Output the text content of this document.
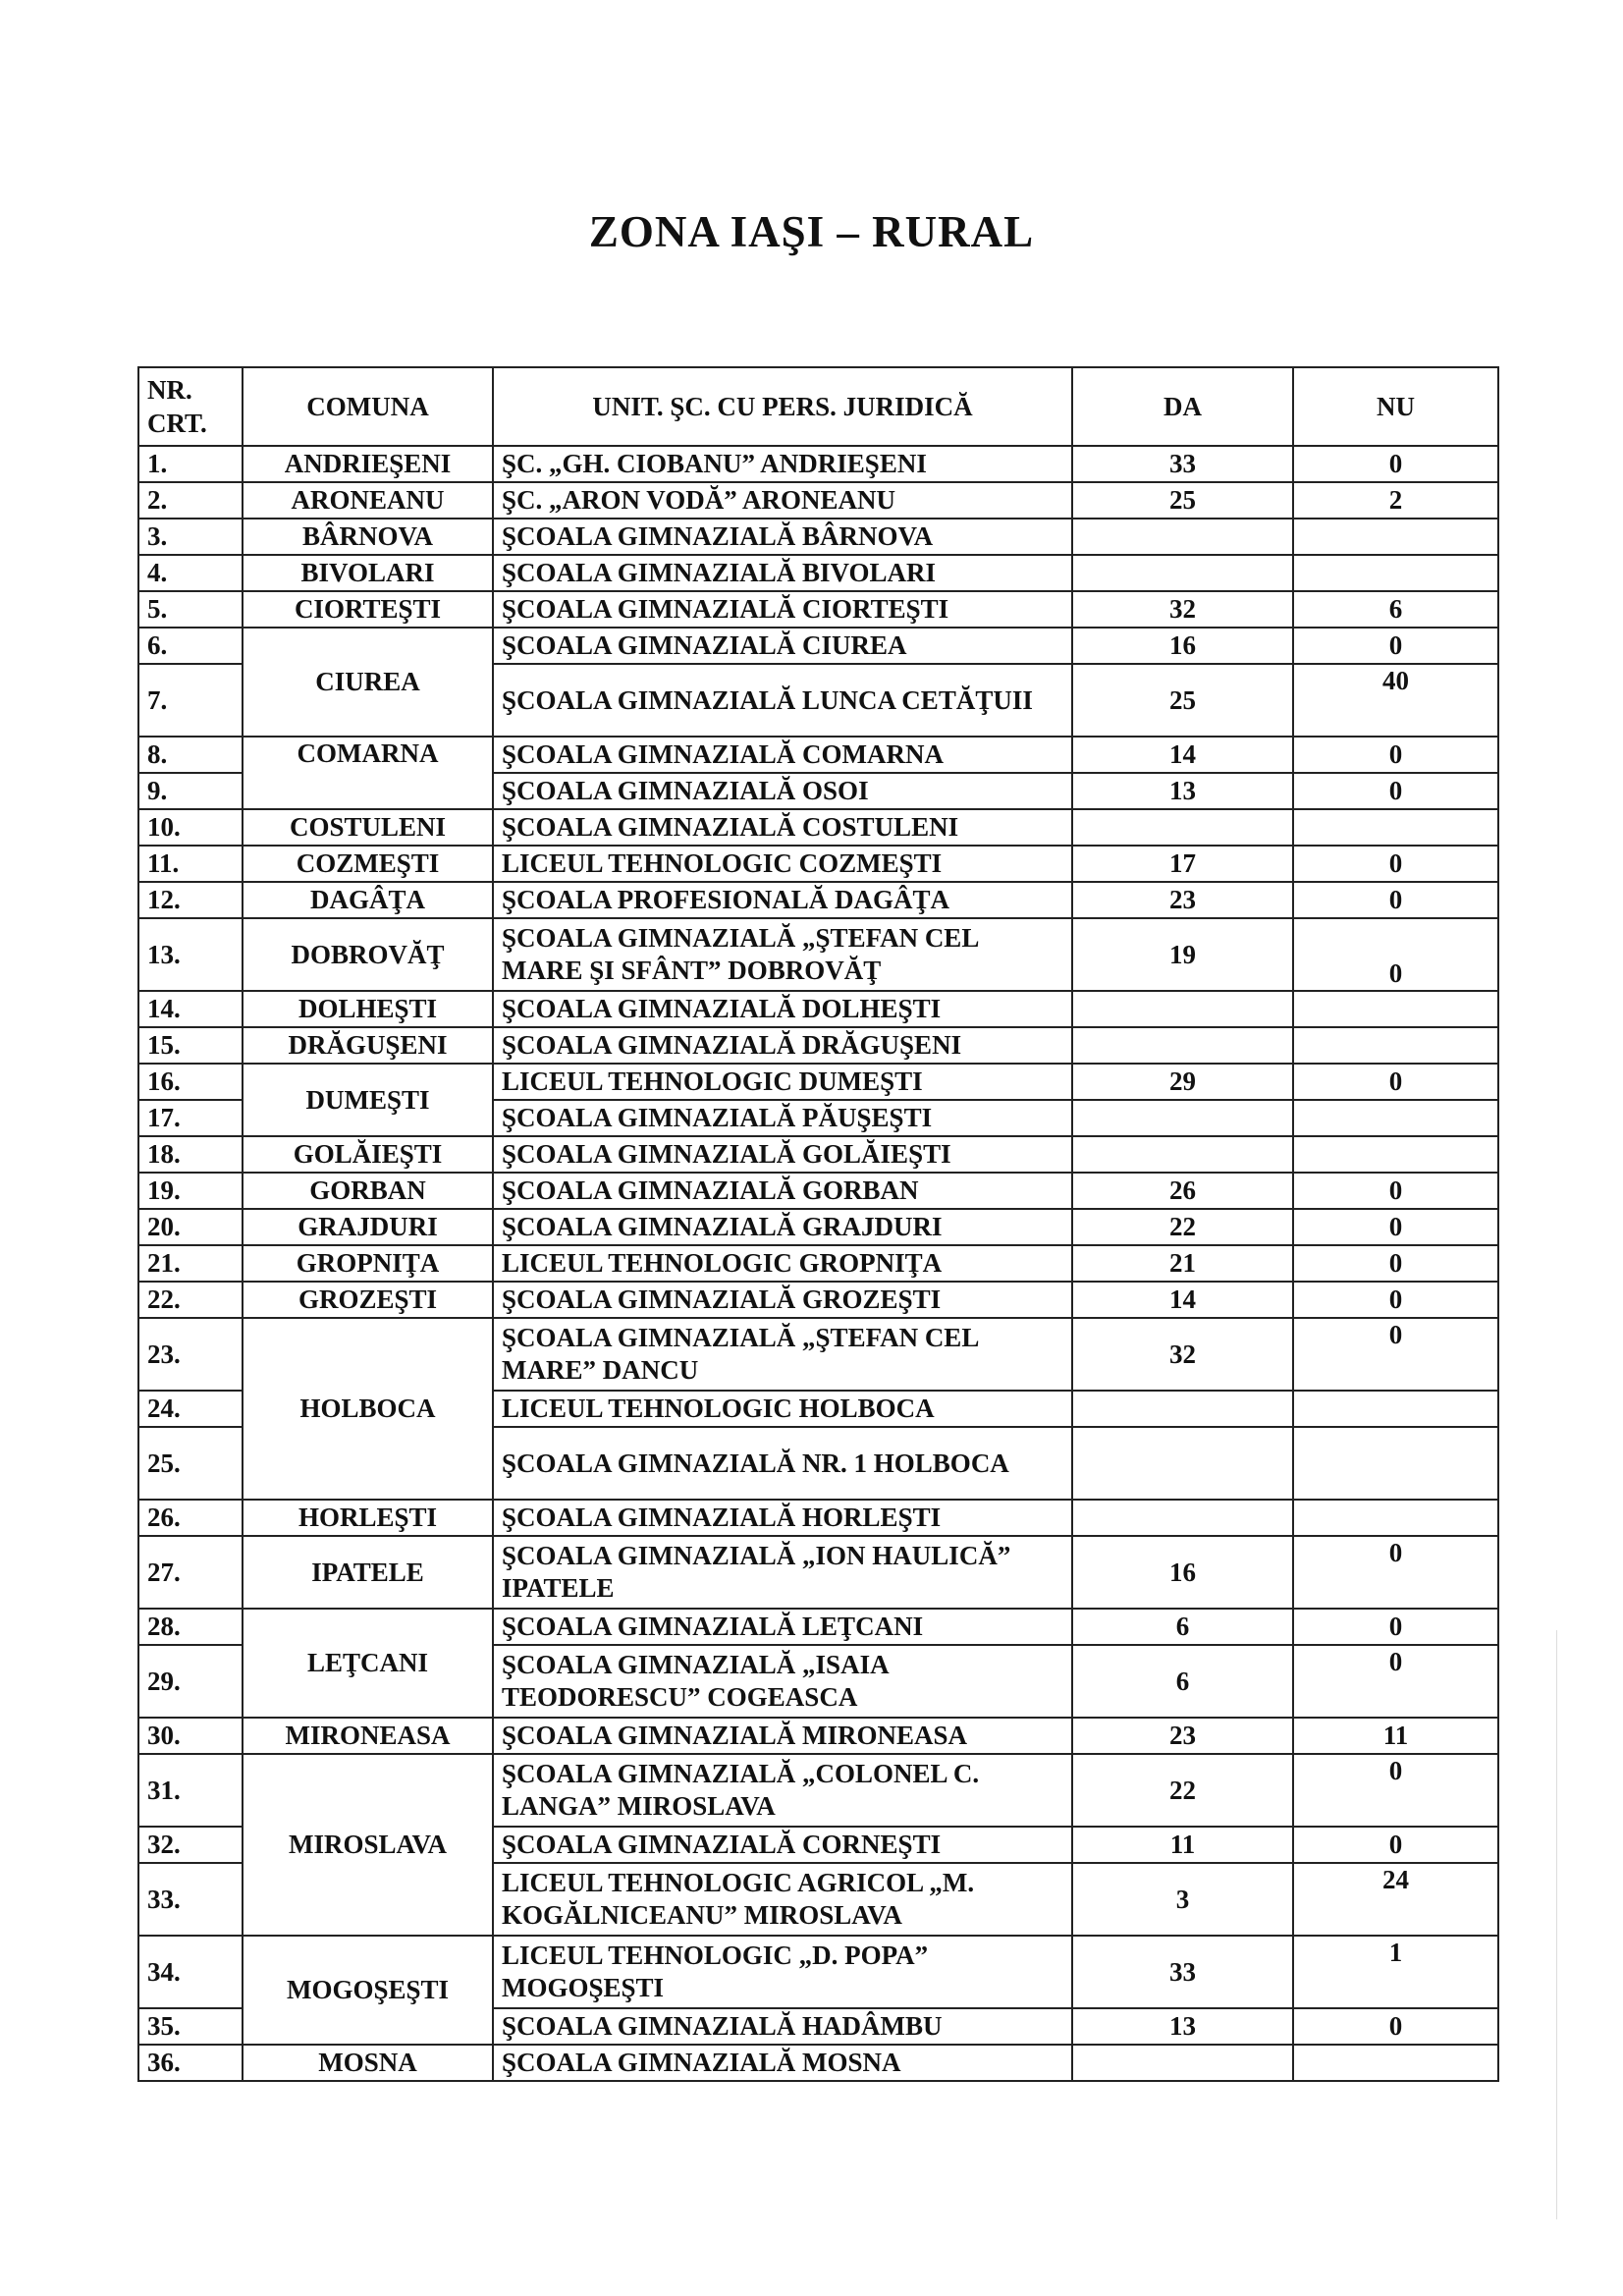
ZONA IAŞI – RURAL
NR. CRT.	COMUNA	UNIT. ŞC. CU PERS. JURIDICĂ	DA	NU
1.	ANDRIEŞENI	ŞC. „GH. CIOBANU” ANDRIEŞENI	33	0
2.	ARONEANU	ŞC. „ARON VODĂ” ARONEANU	25	2
3.	BÂRNOVA	ŞCOALA GIMNAZIALĂ BÂRNOVA		
4.	BIVOLARI	ŞCOALA GIMNAZIALĂ BIVOLARI		
5.	CIORTEŞTI	ŞCOALA GIMNAZIALĂ CIORTEŞTI	32	6
6.	CIUREA	ŞCOALA GIMNAZIALĂ CIUREA	16	0
7.		ŞCOALA GIMNAZIALĂ LUNCA CETĂŢUII	25	40
8.	COMARNA	ŞCOALA GIMNAZIALĂ COMARNA	14	0
9.		ŞCOALA GIMNAZIALĂ OSOI	13	0
10.	COSTULENI	ŞCOALA GIMNAZIALĂ COSTULENI		
11.	COZMEŞTI	LICEUL TEHNOLOGIC COZMEŞTI	17	0
12.	DAGÂŢA	ŞCOALA PROFESIONALĂ DAGÂŢA	23	0
13.	DOBROVĂŢ	ŞCOALA GIMNAZIALĂ „ŞTEFAN CEL MARE ŞI SFÂNT” DOBROVĂŢ	19	0
14.	DOLHEŞTI	ŞCOALA GIMNAZIALĂ DOLHEŞTI		
15.	DRĂGUŞENI	ŞCOALA GIMNAZIALĂ DRĂGUŞENI		
16.	DUMEŞTI	LICEUL TEHNOLOGIC DUMEŞTI	29	0
17.		ŞCOALA GIMNAZIALĂ PĂUŞEŞTI		
18.	GOLĂIEŞTI	ŞCOALA GIMNAZIALĂ GOLĂIEŞTI		
19.	GORBAN	ŞCOALA GIMNAZIALĂ GORBAN	26	0
20.	GRAJDURI	ŞCOALA GIMNAZIALĂ GRAJDURI	22	0
21.	GROPNIŢA	LICEUL TEHNOLOGIC GROPNIŢA	21	0
22.	GROZEŞTI	ŞCOALA GIMNAZIALĂ GROZEŞTI	14	0
23.	HOLBOCA	ŞCOALA GIMNAZIALĂ „ŞTEFAN CEL MARE” DANCU	32	0
24.		LICEUL TEHNOLOGIC HOLBOCA		
25.		ŞCOALA GIMNAZIALĂ NR. 1 HOLBOCA		
26.	HORLEŞTI	ŞCOALA GIMNAZIALĂ HORLEŞTI		
27.	IPATELE	ŞCOALA GIMNAZIALĂ „ION HAULICĂ” IPATELE	16	0
28.	LEŢCANI	ŞCOALA GIMNAZIALĂ LEŢCANI	6	0
29.		ŞCOALA GIMNAZIALĂ „ISAIA TEODORESCU” COGEASCA	6	0
30.	MIRONEASA	ŞCOALA GIMNAZIALĂ MIRONEASA	23	11
31.	MIROSLAVA	ŞCOALA GIMNAZIALĂ „COLONEL C. LANGA” MIROSLAVA	22	0
32.		ŞCOALA GIMNAZIALĂ CORNEŞTI	11	0
33.		LICEUL TEHNOLOGIC AGRICOL „M. KOGĂLNICEANU” MIROSLAVA	3	24
34.	MOGOŞEŞTI	LICEUL TEHNOLOGIC „D. POPA” MOGOŞEŞTI	33	1
35.		ŞCOALA GIMNAZIALĂ HADÂMBU	13	0
36.	MOSNA	ŞCOALA GIMNAZIALĂ MOSNA		
